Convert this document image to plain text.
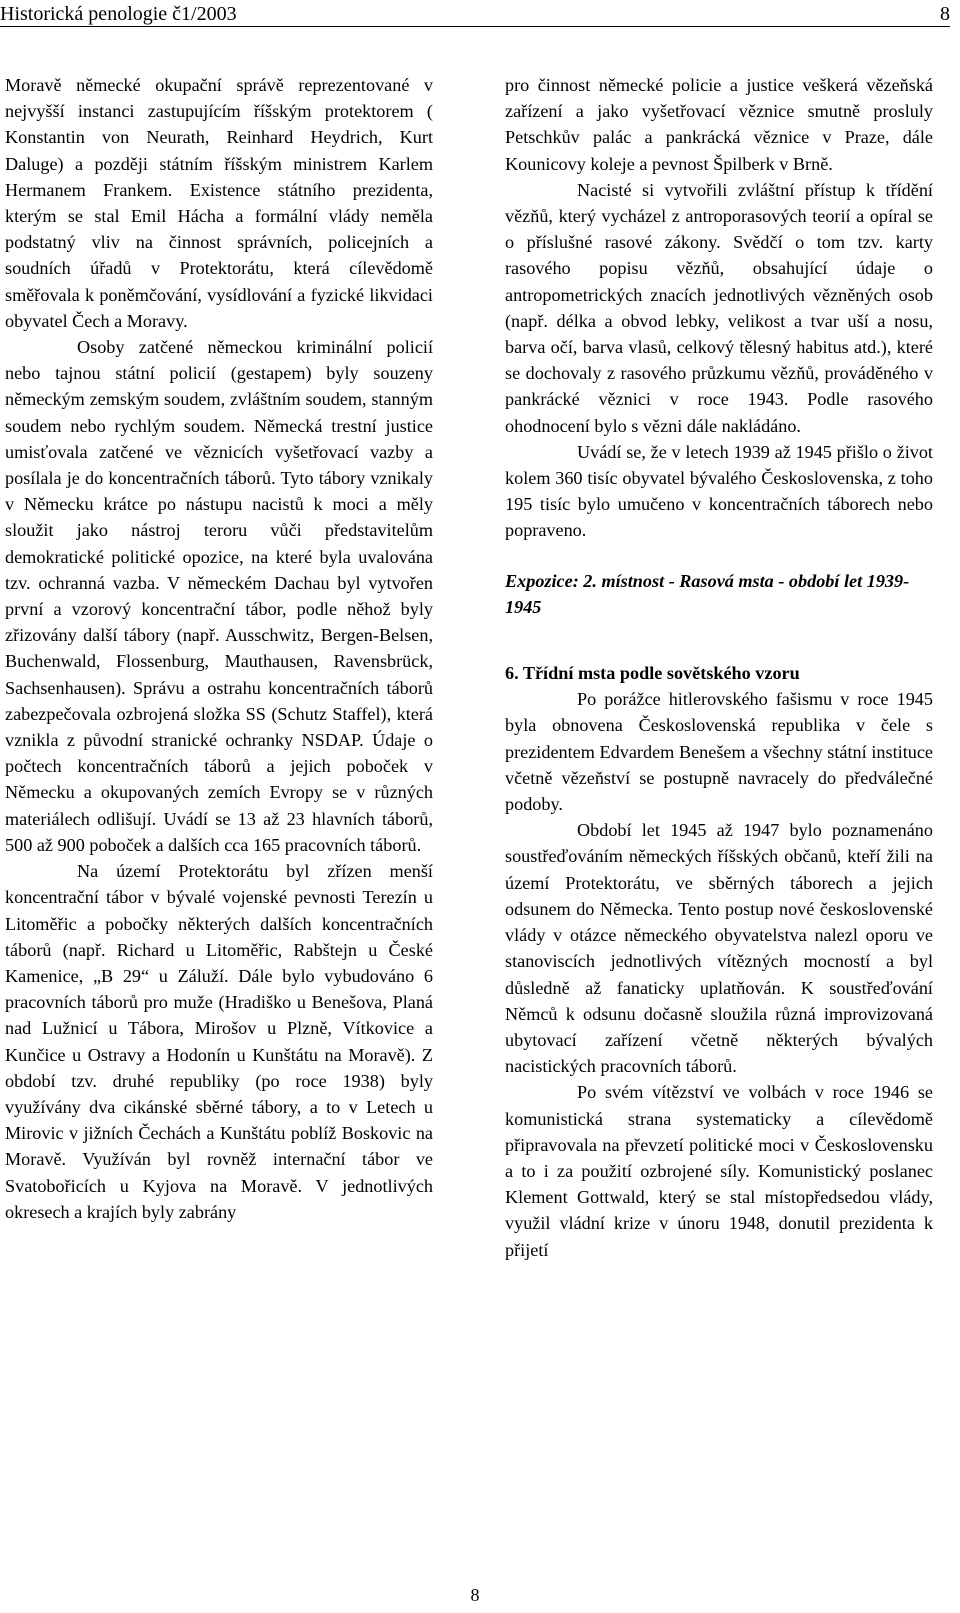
Historická penologie č1/2003	8

Moravě německé okupační správě reprezentované v nejvyšší instanci zastupujícím říšským protektorem ( Konstantin von Neurath, Reinhard Heydrich, Kurt Daluge) a později státním říšským ministrem Karlem Hermanem Frankem. Existence státního prezidenta, kterým se stal Emil Hácha a formální vlády neměla podstatný vliv na činnost správních, policejních a soudních úřadů v Protektorátu, která cílevědomě směřovala k poněmčování, vysídlování a fyzické likvidaci obyvatel Čech a Moravy.

Osoby zatčené německou kriminální policií nebo tajnou státní policií (gestapem) byly souzeny německým zemským soudem, zvláštním soudem, stanným soudem nebo rychlým soudem. Německá trestní justice umisťovala zatčené ve věznicích vyšetřovací vazby a posílala je do koncentračních táborů. Tyto tábory vznikaly v Německu krátce po nástupu nacistů k moci a měly sloužit jako nástroj teroru vůči představitelům demokratické politické opozice, na které byla uvalována tzv. ochranná vazba. V německém Dachau byl vytvořen první a vzorový koncentrační tábor, podle něhož byly zřizovány další tábory (např. Ausschwitz, Bergen-Belsen, Buchenwald, Flossenburg, Mauthausen, Ravensbrück, Sachsenhausen). Správu a ostrahu koncentračních táborů zabezpečovala ozbrojená složka SS (Schutz Staffel), která vznikla z původní stranické ochranky NSDAP. Údaje o počtech koncentračních táborů a jejich poboček v Německu a okupovaných zemích Evropy se v různých materiálech odlišují. Uvádí se 13 až 23 hlavních táborů, 500 až 900 poboček a dalších cca 165 pracovních táborů.

Na území Protektorátu byl zřízen menší koncentrační tábor v bývalé vojenské pevnosti Terezín u Litoměřic a pobočky některých dalších koncentračních táborů (např. Richard u Litoměřic, Rabštejn u České Kamenice, „B 29“ u Záluží. Dále bylo vybudováno 6 pracovních táborů pro muže (Hradiško u Benešova, Planá nad Lužnicí u Tábora, Mirošov u Plzně, Vítkovice a Kunčice u Ostravy a Hodonín u Kunštátu na Moravě). Z období tzv. druhé republiky (po roce 1938) byly využívány dva cikánské sběrné tábory, a to v Letech u Mirovic v jižních Čechách a Kunštátu poblíž Boskovic na Moravě. Využíván byl rovněž internační tábor ve Svatobořicích u Kyjova na Moravě. V jednotlivých okresech a krajích byly zabrány

pro činnost německé policie a justice veškerá vězeňská zařízení a jako vyšetřovací věznice smutně prosluly Petschkův palác a pankrácká věznice v Praze, dále Kounicovy koleje a pevnost Špilberk v Brně.

Nacisté si vytvořili zvláštní přístup k třídění vězňů, který vycházel z antroporasových teorií a opíral se o příslušné rasové zákony. Svědčí o tom tzv. karty rasového popisu vězňů, obsahující údaje o antropometrických znacích jednotlivých vězněných osob (např. délka a obvod lebky, velikost a tvar uší a nosu, barva očí, barva vlasů, celkový tělesný habitus atd.), které se dochovaly z rasového průzkumu vězňů, prováděného v pankrácké věznici v roce 1943. Podle rasového ohodnocení bylo s vězni dále nakládáno.

Uvádí se, že v letech 1939 až 1945 přišlo o život kolem 360 tisíc obyvatel bývalého Československa, z toho 195 tisíc bylo umučeno v koncentračních táborech nebo popraveno.

Expozice: 2. místnost - Rasová msta - období let 1939-1945

6. Třídní msta podle sovětského vzoru

Po porážce hitlerovského fašismu v roce 1945 byla obnovena Československá republika v čele s prezidentem Edvardem Benešem a všechny státní instituce včetně vězeňství se postupně navracely do předválečné podoby.

Období let 1945 až 1947 bylo poznamenáno soustřeďováním německých říšských občanů, kteří žili na území Protektorátu, ve sběrných táborech a jejich odsunem do Německa. Tento postup nové československé vlády v otázce německého obyvatelstva nalezl oporu ve stanoviscích jednotlivých vítězných mocností a byl důsledně až fanaticky uplatňován. K soustřeďování Němců k odsunu dočasně sloužila různá improvizovaná ubytovací zařízení včetně některých bývalých nacistických pracovních táborů.

Po svém vítězství ve volbách v roce 1946 se komunistická strana systematicky a cílevědomě připravovala na převzetí politické moci v Československu a to i za použití ozbrojené síly. Komunistický poslanec Klement Gottwald, který se stal místopředsedou vlády, využil vládní krize v únoru 1948, donutil prezidenta k přijetí

8
